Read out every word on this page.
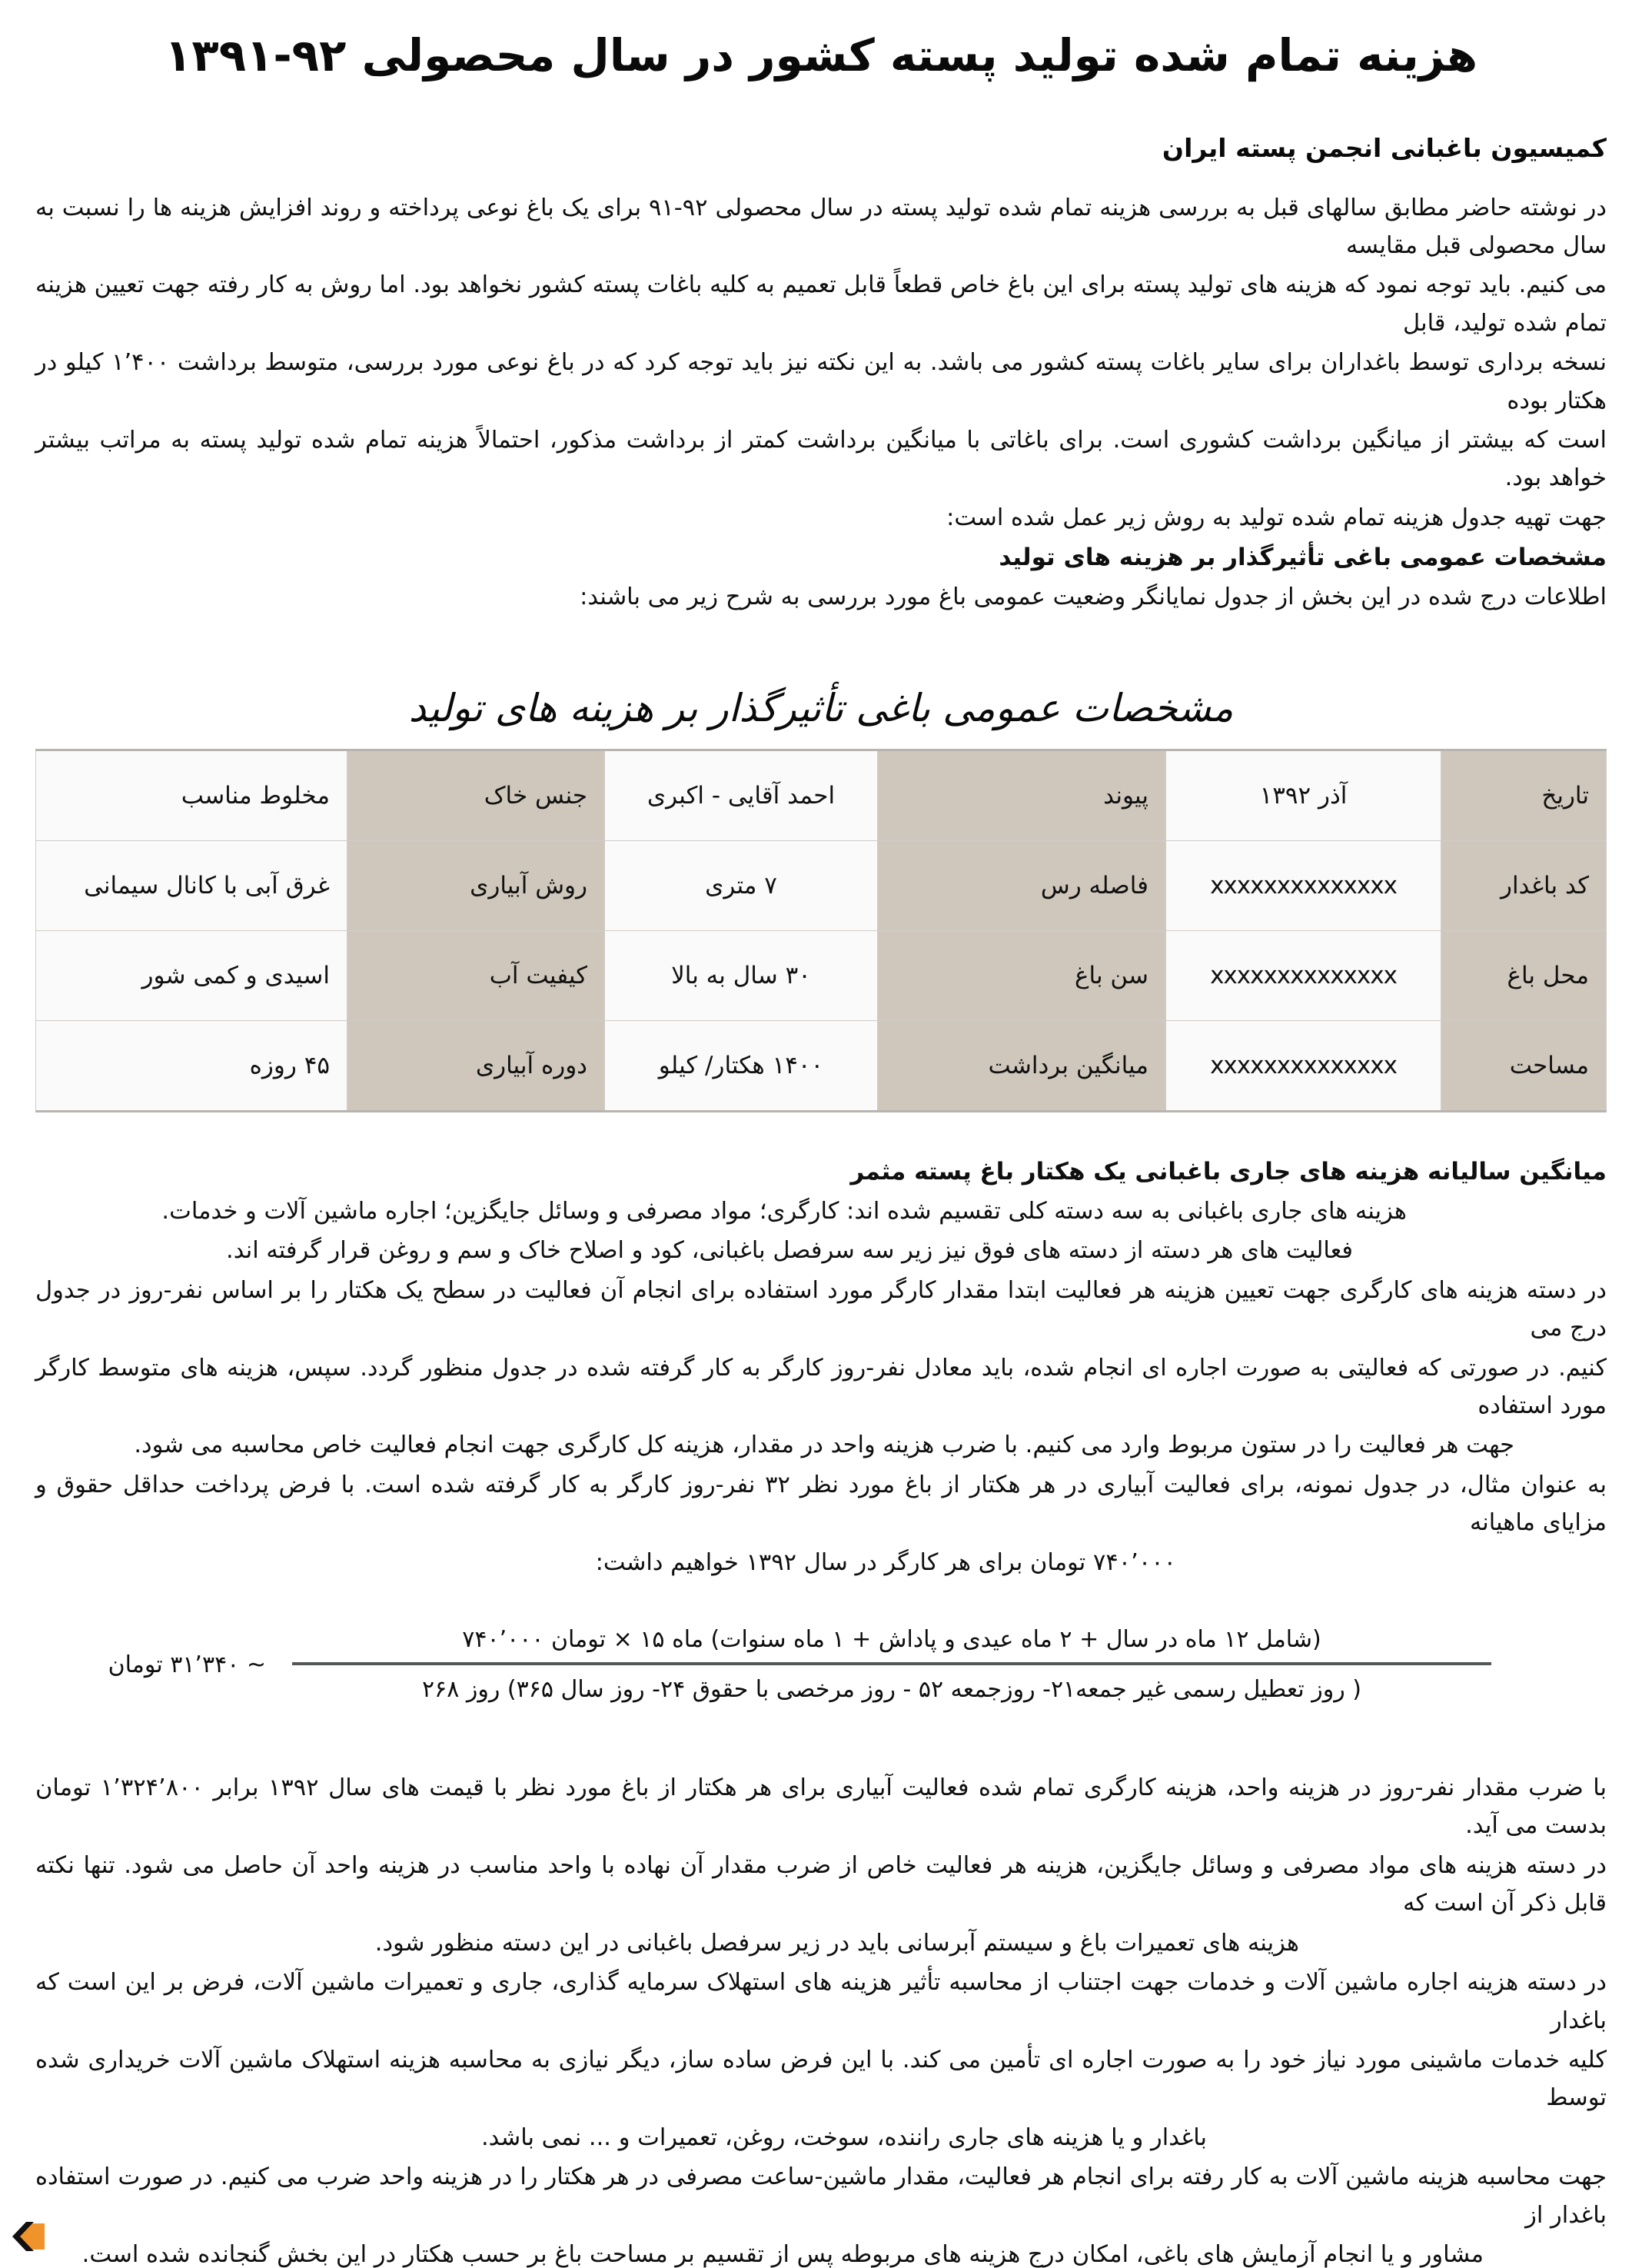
هزینه تمام شده تولید پسته کشور در سال محصولی ۹۲-۱۳۹۱
کمیسیون باغبانی انجمن پسته ایران

در نوشته حاضر مطابق سالهای قبل به بررسی هزینه تمام شده تولید پسته در سال محصولی ۹۲-۹۱ برای یک باغ نوعی پرداخته و روند افزایش هزینه ها را نسبت به سال محصولی قبل مقایسه

می کنیم. باید توجه نمود که هزینه های تولید پسته برای این باغ خاص قطعاً قابل تعمیم به کلیه باغات پسته کشور نخواهد بود. اما روش به کار رفته جهت تعیین هزینه تمام شده تولید، قابل

نسخه برداری توسط باغداران برای سایر باغات پسته کشور می باشد. به این نکته نیز باید توجه کرد که در باغ نوعی مورد بررسی، متوسط برداشت ۱٬۴۰۰ کیلو در هکتار بوده

است که بیشتر از میانگین برداشت کشوری است. برای باغاتی با میانگین برداشت کمتر از برداشت مذکور، احتمالاً هزینه تمام شده تولید پسته به مراتب بیشتر خواهد بود.

جهت تهیه جدول هزینه تمام شده تولید به روش زیر عمل شده است:

مشخصات عمومی باغی تأثیرگذار بر هزینه های تولید

اطلاعات درج شده در این بخش از جدول نمایانگر وضعیت عمومی باغ مورد بررسی به شرح زیر می باشند:

مشخصات عمومی باغی تأثیرگذار بر هزینه های تولید
تاریخ	آذر ۱۳۹۲	پیوند	احمد آقایی - اکبری	جنس خاک	مخلوط مناسب
کد باغدار	xxxxxxxxxxxxxx	فاصله رس	۷ متری	روش آبیاری	غرق آبی با کانال سیمانی
محل باغ	xxxxxxxxxxxxxx	سن باغ	۳۰ سال به بالا	کیفیت آب	اسیدی و کمی شور
مساحت	xxxxxxxxxxxxxx	میانگین برداشت	۱۴۰۰ هکتار/ کیلو	دوره آبیاری	۴۵ روزه

میانگین سالیانه هزینه های جاری باغبانی یک هکتار باغ پسته مثمر

هزینه های جاری باغبانی به سه دسته کلی تقسیم شده اند: کارگری؛ مواد مصرفی و وسائل جایگزین؛ اجاره ماشین آلات و خدمات.

فعالیت های هر دسته از دسته های فوق نیز زیر سه سرفصل باغبانی، کود و اصلاح خاک و سم و روغن قرار گرفته اند.

در دسته هزینه های کارگری جهت تعیین هزینه هر فعالیت ابتدا مقدار کارگر مورد استفاده برای انجام آن فعالیت در سطح یک هکتار را بر اساس نفر-روز در جدول درج می

کنیم. در صورتی که فعالیتی به صورت اجاره ای انجام شده، باید معادل نفر-روز کارگر به کار گرفته شده در جدول منظور گردد. سپس، هزینه های متوسط کارگر مورد استفاده

جهت هر فعالیت را در ستون مربوط وارد می کنیم. با ضرب هزینه واحد در مقدار، هزینه کل کارگری جهت انجام فعالیت خاص محاسبه می شود.

به عنوان مثال، در جدول نمونه، برای فعالیت آبیاری در هر هکتار از باغ مورد نظر ۳۲ نفر-روز کارگر به کار گرفته شده است. با فرض پرداخت حداقل حقوق و مزایای ماهیانه

۷۴۰٬۰۰۰ تومان برای هر کارگر در سال ۱۳۹۲ خواهیم داشت:

(شامل ۱۲ ماه در سال + ۲ ماه عیدی و پاداش + ۱ ماه سنوات) ماه ۱۵ × تومان ۷۴۰٬۰۰۰
( روز تعطیل رسمی غیر جمعه۲۱- روزجمعه ۵۲ - روز مرخصی با حقوق ۲۴- روز سال ۳۶۵) روز ۲۶۸
~ ۳۱٬۳۴۰ تومان

با ضرب مقدار نفر-روز در هزینه واحد، هزینه کارگری تمام شده فعالیت آبیاری برای هر هکتار از باغ مورد نظر با قیمت های سال ۱۳۹۲ برابر ۱٬۳۲۴٬۸۰۰ تومان بدست می آید.

در دسته هزینه های مواد مصرفی و وسائل جایگزین، هزینه هر فعالیت خاص از ضرب مقدار آن نهاده با واحد مناسب در هزینه واحد آن حاصل می شود. تنها نکته قابل ذکر آن است که

هزینه های تعمیرات باغ و سیستم آبرسانی باید در زیر سرفصل باغبانی در این دسته منظور شود.

در دسته هزینه اجاره ماشین آلات و خدمات جهت اجتناب از محاسبه تأثیر هزینه های استهلاک سرمایه گذاری، جاری و تعمیرات ماشین آلات، فرض بر این است که باغدار

کلیه خدمات ماشینی مورد نیاز خود را به صورت اجاره ای تأمین می کند. با این فرض ساده ساز، دیگر نیازی به محاسبه هزینه استهلاک ماشین آلات خریداری شده توسط

باغدار و یا هزینه های جاری راننده، سوخت، روغن، تعمیرات و ... نمی باشد.

جهت محاسبه هزینه ماشین آلات به کار رفته برای انجام هر فعالیت، مقدار ماشین-ساعت مصرفی در هر هکتار را در هزینه واحد ضرب می کنیم. در صورت استفاده باغدار از

مشاور و یا انجام آزمایش های باغی، امکان درج هزینه های مربوطه پس از تقسیم بر مساحت باغ بر حسب هکتار در این بخش گنجانده شده است.
